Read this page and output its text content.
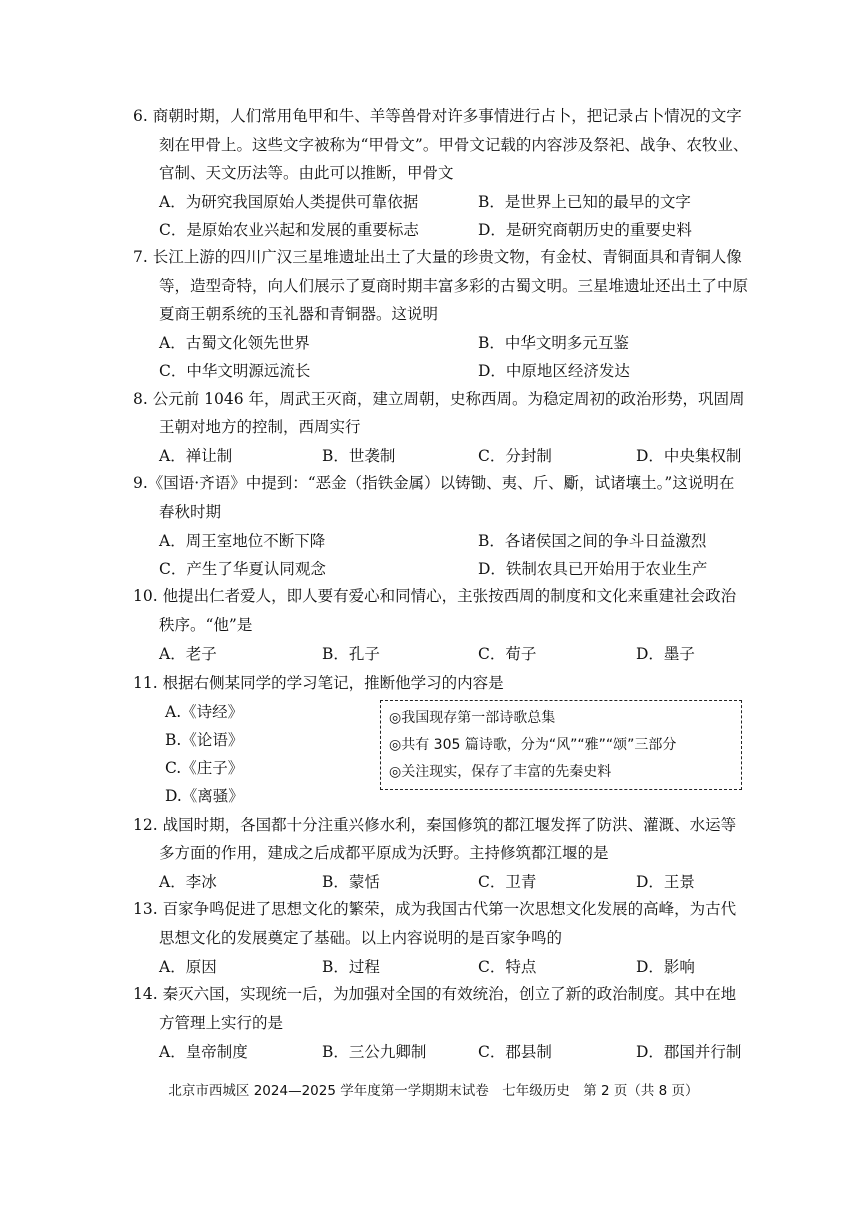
6. 商朝时期，人们常用龟甲和牛、羊等兽骨对许多事情进行占卜，把记录占卜情况的文字
刻在甲骨上。这些文字被称为“甲骨文”。甲骨文记载的内容涉及祭祀、战争、农牧业、
官制、天文历法等。由此可以推断，甲骨文
A．为研究我国原始人类提供可靠依据	B．是世界上已知的最早的文字
C．是原始农业兴起和发展的重要标志	D．是研究商朝历史的重要史料
7. 长江上游的四川广汉三星堆遗址出土了大量的珍贵文物，有金杖、青铜面具和青铜人像
等，造型奇特，向人们展示了夏商时期丰富多彩的古蜀文明。三星堆遗址还出土了中原
夏商王朝系统的玉礼器和青铜器。这说明
A．古蜀文化领先世界	B．中华文明多元互鉴
C．中华文明源远流长	D．中原地区经济发达
8. 公元前 1046 年，周武王灭商，建立周朝，史称西周。为稳定周初的政治形势，巩固周
王朝对地方的控制，西周实行
A．禅让制	B．世袭制	C．分封制	D．中央集权制
9.《国语·齐语》中提到：“恶金（指铁金属）以铸锄、夷、斤、斸，试诸壤土。”这说明在
春秋时期
A．周王室地位不断下降	B．各诸侯国之间的争斗日益激烈
C．产生了华夏认同观念	D．铁制农具已开始用于农业生产
10. 他提出仁者爱人，即人要有爱心和同情心，主张按西周的制度和文化来重建社会政治
秩序。“他”是
A．老子	B．孔子	C．荀子	D．墨子
11. 根据右侧某同学的学习笔记，推断他学习的内容是
A.《诗经》
B.《论语》
C.《庄子》
D.《离骚》
◎我国现存第一部诗歌总集
◎共有 305 篇诗歌，分为“风”“雅”“颂”三部分
◎关注现实，保存了丰富的先秦史料
12. 战国时期，各国都十分注重兴修水利，秦国修筑的都江堰发挥了防洪、灌溉、水运等
多方面的作用，建成之后成都平原成为沃野。主持修筑都江堰的是
A．李冰	B．蒙恬	C．卫青	D．王景
13. 百家争鸣促进了思想文化的繁荣，成为我国古代第一次思想文化发展的高峰，为古代
思想文化的发展奠定了基础。以上内容说明的是百家争鸣的
A．原因	B．过程	C．特点	D．影响
14. 秦灭六国，实现统一后，为加强对全国的有效统治，创立了新的政治制度。其中在地
方管理上实行的是
A．皇帝制度	B．三公九卿制	C．郡县制	D．郡国并行制
北京市西城区 2024—2025 学年度第一学期期末试卷　七年级历史　第 2 页（共 8 页）
